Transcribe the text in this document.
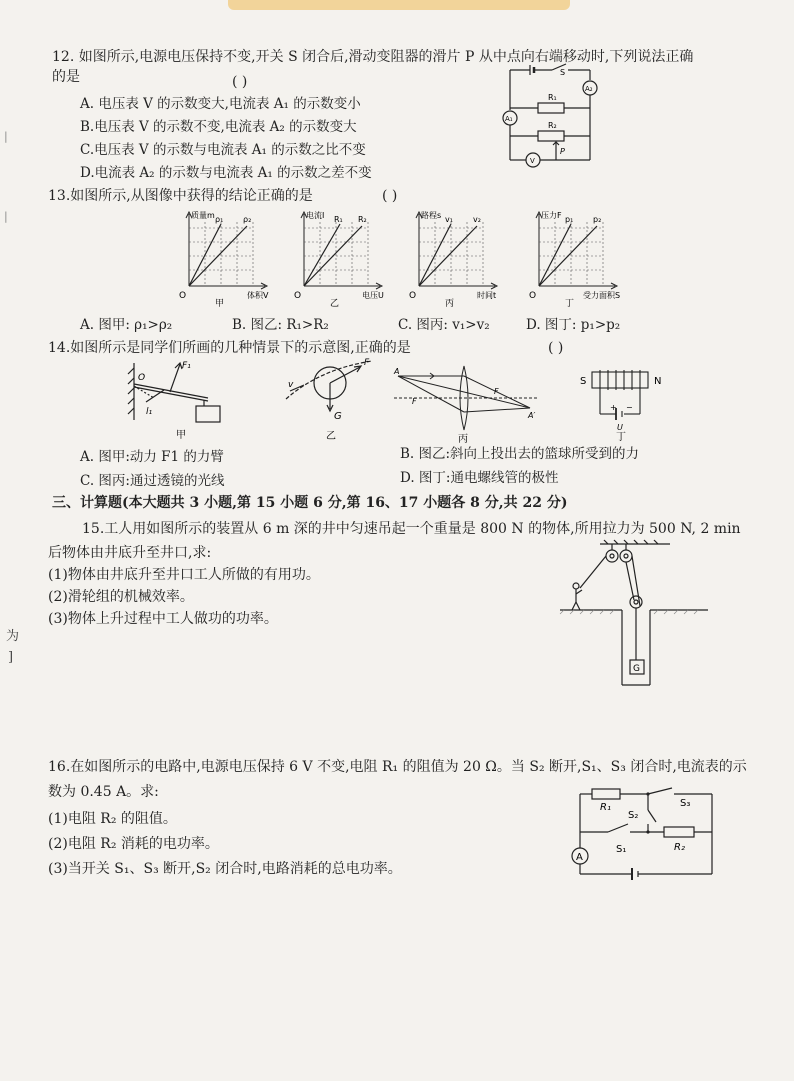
|
|
为
]
12. 如图所示,电源电压保持不变,开关 S 闭合后,滑动变阻器的滑片 P 从中点向右端移动时,下列说法正确
的是	( )
A. 电压表 V 的示数变大,电流表 A₁ 的示数变小
B.电压表 V 的示数不变,电流表 A₂ 的示数变大
C.电压表 V 的示数与电流表 A₁ 的示数之比不变
D.电流表 A₂ 的示数与电流表 A₁ 的示数之差不变
S
R₁
R₂
A₁
A₂
V
P
13.如图所示,从图像中获得的结论正确的是	( )
质量m
体积V
O
ρ₁ ρ₂
甲
电流I
电压U
O
R₁ R₂
乙
路程s
时间t
O
v₁	v₂
丙
压力F
受力面积S
O
p₁ p₂
丁
A. 图甲: ρ₁>ρ₂	B. 图乙: R₁>R₂	C. 图丙: v₁>v₂	D. 图丁: p₁>p₂
14.如图所示是同学们所画的几种情景下的示意图,正确的是	( )
O
F₁
l₁
甲
v
F
G
乙
A
A′
F
F
丙
S	N
+ −
U
丁
A. 图甲:动力 F1 的力臂	B. 图乙:斜向上投出去的篮球所受到的力
C. 图丙:通过透镜的光线	D. 图丁:通电螺线管的极性
三、计算题(本大题共 3 小题,第 15 小题 6 分,第 16、17 小题各 8 分,共 22 分)
15.工人用如图所示的装置从 6 m 深的井中匀速吊起一个重量是 800 N 的物体,所用拉力为 500 N, 2 min
后物体由井底升至井口,求:
(1)物体由井底升至井口工人所做的有用功。
(2)滑轮组的机械效率。
(3)物体上升过程中工人做功的功率。
G
16.在如图所示的电路中,电源电压保持 6 V 不变,电阻 R₁ 的阻值为 20 Ω。当 S₂ 断开,S₁、S₃ 闭合时,电流表的示
数为 0.45 A。求:
(1)电阻 R₂ 的阻值。
(2)电阻 R₂ 消耗的电功率。
(3)当开关 S₁、S₃ 断开,S₂ 闭合时,电路消耗的总电功率。
R₁
R₂
S₁
S₂
S₃
A
